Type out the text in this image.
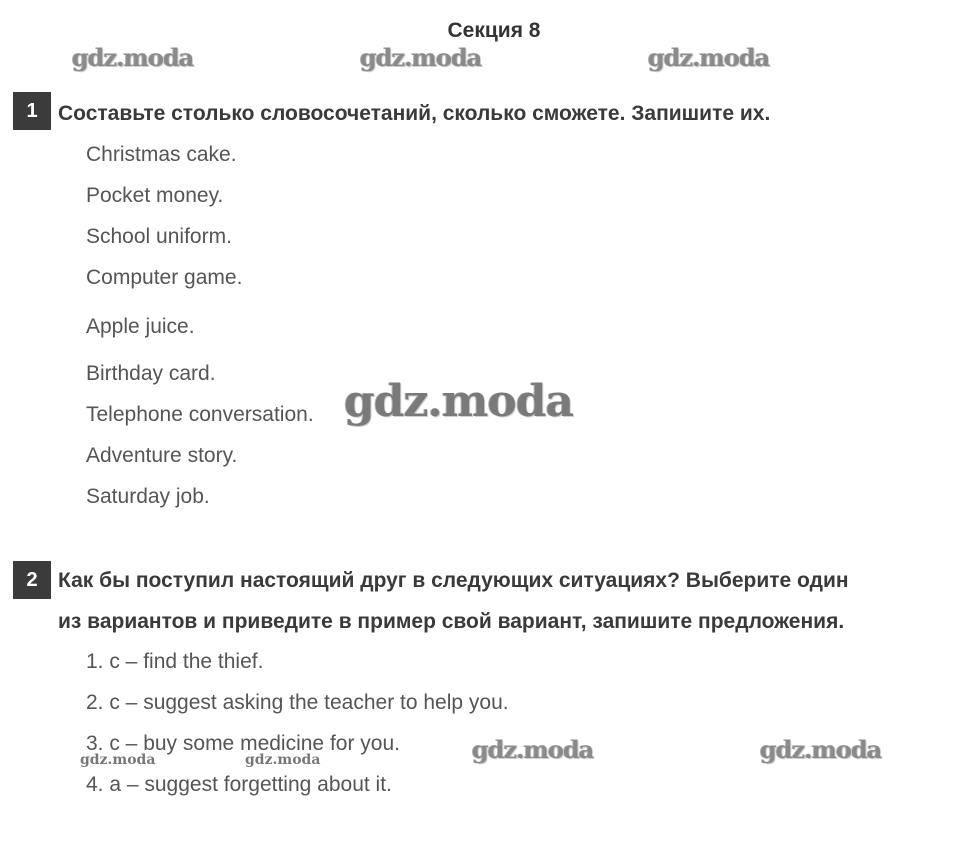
Секция 8
gdz.moda	gdz.moda	gdz.moda
1 Составьте столько словосочетаний, сколько сможете. Запишите их.
Christmas cake.
Pocket money.
School uniform.
Computer game.
Apple juice.
Birthday card.
Telephone conversation.
Adventure story.
Saturday job.
gdz.moda
2 Как бы поступил настоящий друг в следующих ситуациях? Выберите один
из вариантов и приведите в пример свой вариант, запишите предложения.
1. c – find the thief.
2. c – suggest asking the teacher to help you.
3. c – buy some medicine for you.
4. a – suggest forgetting about it.
gdz.moda	gdz.moda
gdz.moda	gdz.moda
